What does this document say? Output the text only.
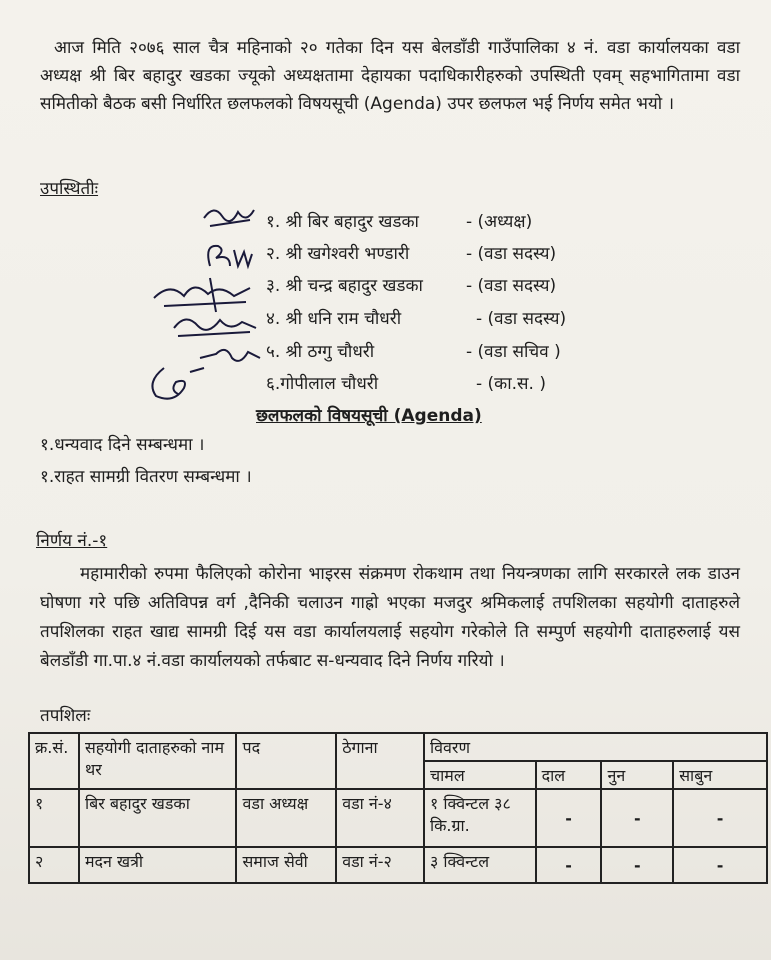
आज मिति २०७६ साल चैत्र महिनाको २० गतेका दिन यस बेलडाँडी गाउँपालिका ४ नं. वडा कार्यालयका वडा अध्यक्ष श्री बिर बहादुर खडका ज्यूको अध्यक्षतामा देहायका पदाधिकारीहरुको उपस्थिती एवम् सहभागितामा वडा समितीको बैठक बसी निर्धारित छलफलको विषयसूची (Agenda) उपर छलफल भई निर्णय समेत भयो ।

उपस्थितीः

१. श्री बिर बहादुर खडका	- (अध्यक्ष)
२. श्री खगेश्वरी भण्डारी	- (वडा सदस्य)
३. श्री चन्द्र बहादुर खडका	- (वडा सदस्य)
४. श्री धनि राम चौधरी	- (वडा सदस्य)
५. श्री ठग्गु चौधरी	- (वडा सचिव )
६.गोपीलाल चौधरी	- (का.स. )

छलफलको विषयसूची (Agenda)

१.धन्यवाद दिने सम्बन्धमा ।

१.राहत सामग्री वितरण सम्बन्धमा ।

निर्णय नं.-१

महामारीको रुपमा फैलिएको कोरोना भाइरस संक्रमण रोकथाम तथा नियन्त्रणका लागि सरकारले लक डाउन घोषणा गरे पछि अतिविपन्न वर्ग ,दैनिकी चलाउन गाह्रो भएका मजदुर श्रमिकलाई तपशिलका सहयोगी दाताहरुले तपशिलका राहत खाद्य सामग्री दिई यस वडा कार्यालयलाई सहयोग गरेकोले ति सम्पुर्ण सहयोगी दाताहरुलाई यस बेलडाँडी गा.पा.४ नं.वडा कार्यालयको तर्फबाट स-धन्यवाद दिने निर्णय गरियो ।

तपशिलः

क्र.सं.	सहयोगी दाताहरुको नाम थर	पद	ठेगाना	विवरण			
				चामल	दाल	नुन	साबुन
१	बिर बहादुर खडका	वडा अध्यक्ष	वडा नं-४	१ क्विन्टल ३८ कि.ग्रा.	-	-	-
२	मदन खत्री	समाज सेवी	वडा नं-२	३ क्विन्टल	-	-	-
